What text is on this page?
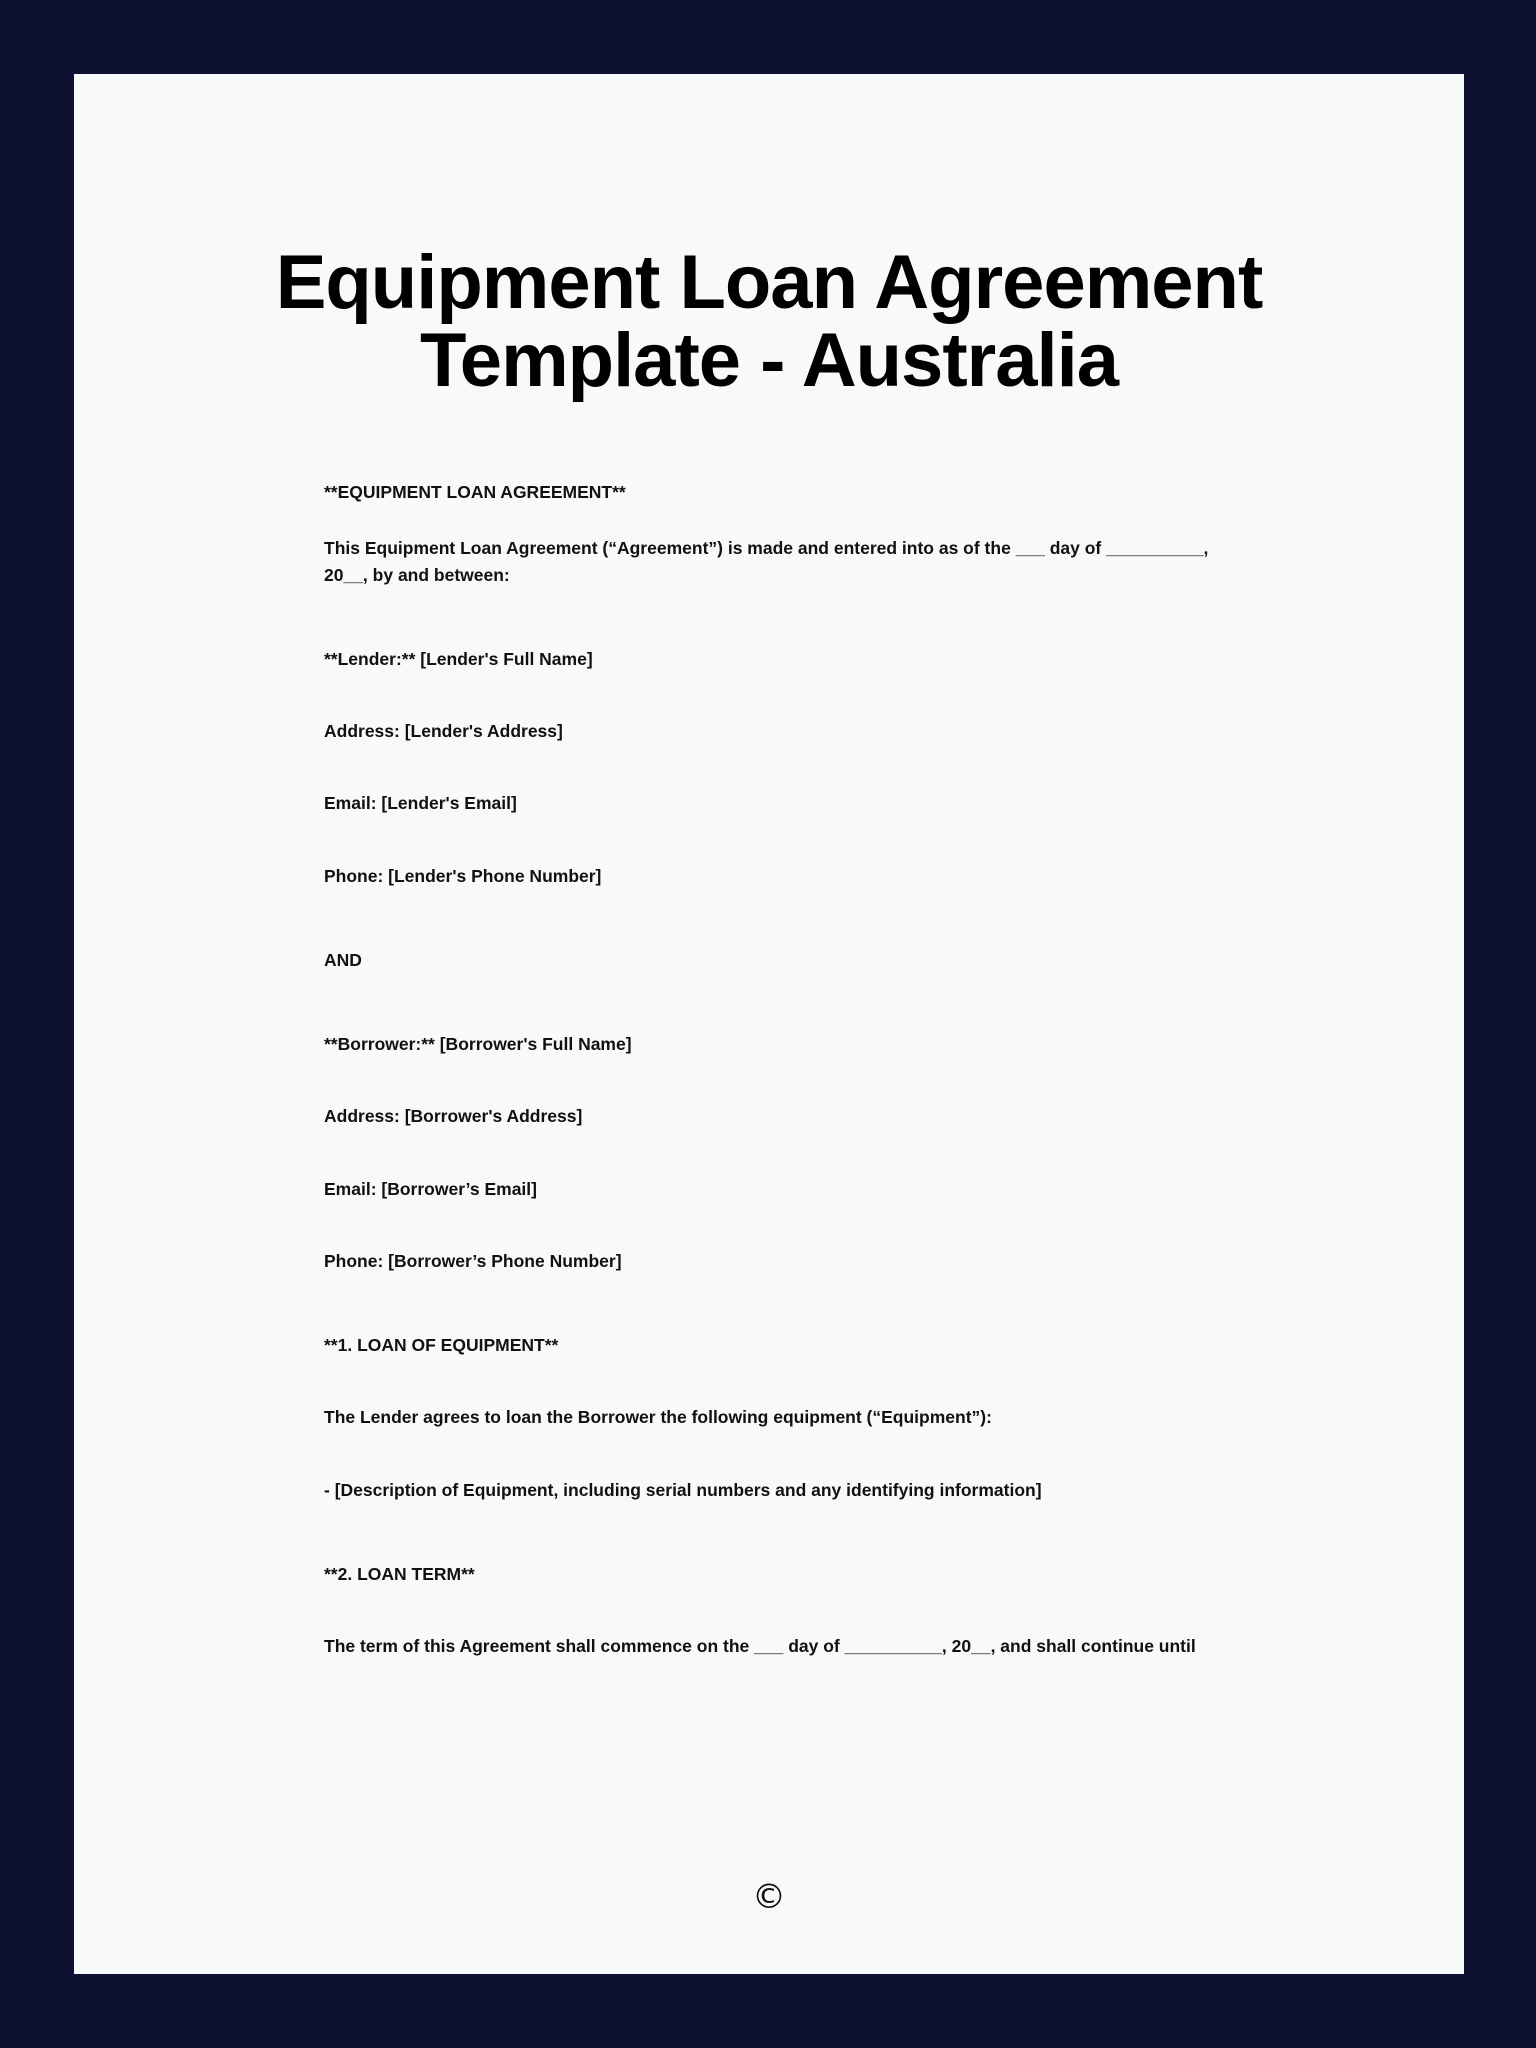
Equipment Loan Agreement Template - Australia

**EQUIPMENT LOAN AGREEMENT**

This Equipment Loan Agreement (“Agreement”) is made and entered into as of the ___ day of __________, 20__, by and between:

**Lender:** [Lender's Full Name]

Address: [Lender's Address]

Email: [Lender's Email]

Phone: [Lender's Phone Number]

AND

**Borrower:** [Borrower's Full Name]

Address: [Borrower's Address]

Email: [Borrower’s Email]

Phone: [Borrower’s Phone Number]

**1. LOAN OF EQUIPMENT**

The Lender agrees to loan the Borrower the following equipment (“Equipment”):

- [Description of Equipment, including serial numbers and any identifying information]

**2. LOAN TERM**

The term of this Agreement shall commence on the ___ day of __________, 20__, and shall continue until

©
